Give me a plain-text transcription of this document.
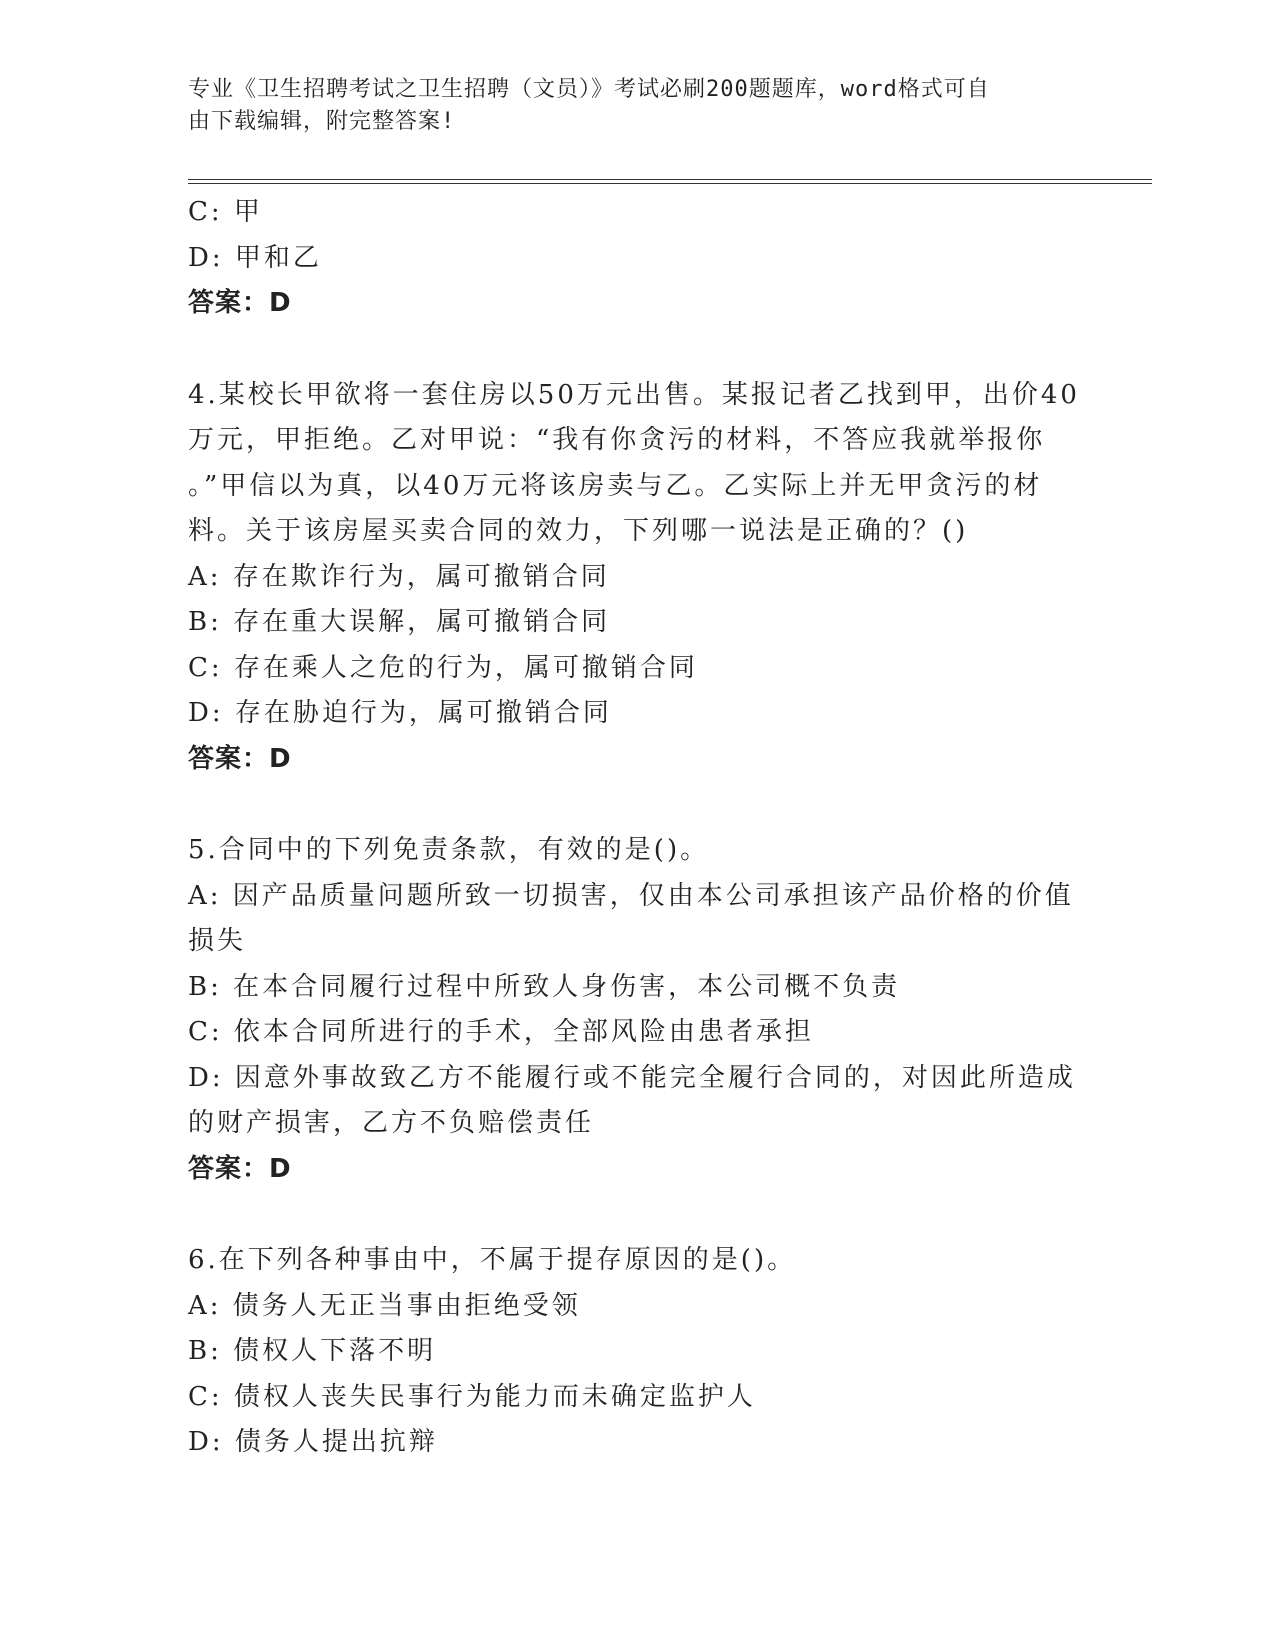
专业《卫生招聘考试之卫生招聘（文员）》考试必刷200题题库，word格式可自
由下载编辑，附完整答案!
C: 甲
D: 甲和乙
答案：D
4.某校长甲欲将一套住房以50万元出售。某报记者乙找到甲，出价40
万元，甲拒绝。乙对甲说：“我有你贪污的材料，不答应我就举报你
。”甲信以为真，以40万元将该房卖与乙。乙实际上并无甲贪污的材
料。关于该房屋买卖合同的效力，下列哪一说法是正确的？()
A: 存在欺诈行为，属可撤销合同
B: 存在重大误解，属可撤销合同
C: 存在乘人之危的行为，属可撤销合同
D: 存在胁迫行为，属可撤销合同
答案：D
5.合同中的下列免责条款，有效的是()。
A: 因产品质量问题所致一切损害，仅由本公司承担该产品价格的价值
损失
B: 在本合同履行过程中所致人身伤害，本公司概不负责
C: 依本合同所进行的手术，全部风险由患者承担
D: 因意外事故致乙方不能履行或不能完全履行合同的，对因此所造成
的财产损害，乙方不负赔偿责任
答案：D
6.在下列各种事由中，不属于提存原因的是()。
A: 债务人无正当事由拒绝受领
B: 债权人下落不明
C: 债权人丧失民事行为能力而未确定监护人
D: 债务人提出抗辩
